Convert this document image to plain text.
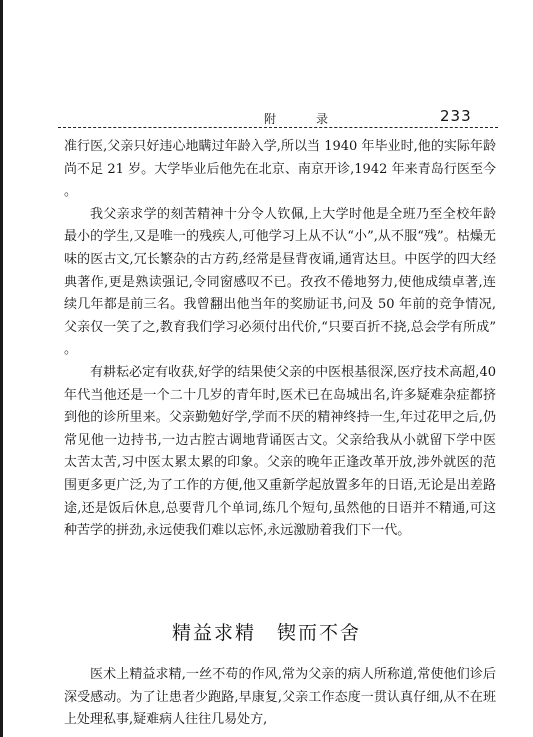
附　录	233

准行医,父亲只好违心地瞒过年龄入学,所以当 1940 年毕业时,他的实际年龄尚不足 21 岁。大学毕业后他先在北京、南京开诊,1942 年来青岛行医至今。

我父亲求学的刻苦精神十分令人钦佩,上大学时他是全班乃至全校年龄最小的学生,又是唯一的残疾人,可他学习上从不认“小”,从不服“残”。枯燥无味的医古文,冗长繁杂的古方药,经常是昼背夜诵,通宵达旦。中医学的四大经典著作,更是熟读强记,令同窗感叹不已。孜孜不倦地努力,使他成绩卓著,连续几年都是前三名。我曾翻出他当年的奖励证书,问及 50 年前的竞争情况,父亲仅一笑了之,教育我们学习必须付出代价,“只要百折不挠,总会学有所成”。

有耕耘必定有收获,好学的结果使父亲的中医根基很深,医疗技术高超,40 年代当他还是一个二十几岁的青年时,医术已在岛城出名,许多疑难杂症都挤到他的诊所里来。父亲勤勉好学,学而不厌的精神终持一生,年过花甲之后,仍常见他一边持书,一边古腔古调地背诵医古文。父亲给我从小就留下学中医太苦太苦,习中医太累太累的印象。父亲的晚年正逢改革开放,涉外就医的范围更多更广泛,为了工作的方便,他又重新学起放置多年的日语,无论是出差路途,还是饭后休息,总要背几个单词,练几个短句,虽然他的日语并不精通,可这种苦学的拼劲,永远使我们难以忘怀,永远激励着我们下一代。

精益求精　锲而不舍

医术上精益求精,一丝不苟的作风,常为父亲的病人所称道,常使他们诊后深受感动。为了让患者少跑路,早康复,父亲工作态度一贯认真仔细,从不在班上处理私事,疑难病人往往几易处方,
